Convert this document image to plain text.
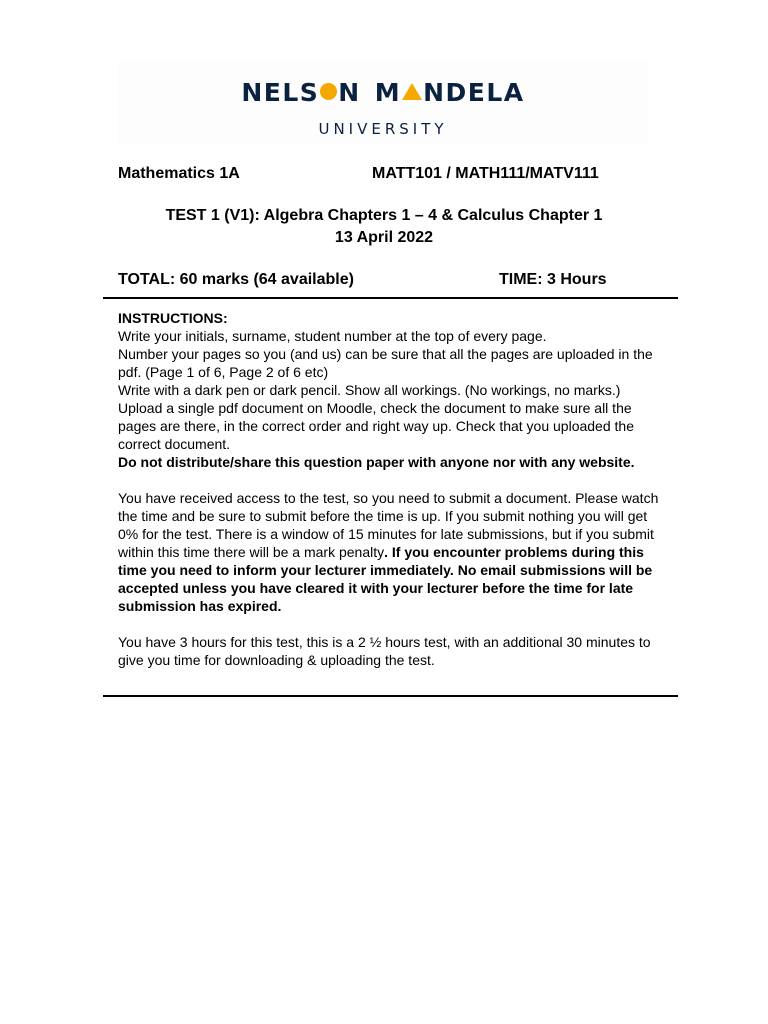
NELS N M NDELA
UNIVERSITY
Mathematics 1A	MATT101 / MATH111/MATV111
TEST 1 (V1): Algebra Chapters 1 – 4 & Calculus Chapter 1
13 April 2022
TOTAL: 60 marks (64 available)	TIME: 3 Hours

INSTRUCTIONS:

Write your initials, surname, student number at the top of every page.

Number your pages so you (and us) can be sure that all the pages are uploaded in the pdf. (Page 1 of 6, Page 2 of 6 etc)

Write with a dark pen or dark pencil. Show all workings. (No workings, no marks.)

Upload a single pdf document on Moodle, check the document to make sure all the pages are there, in the correct order and right way up. Check that you uploaded the correct document.

Do not distribute/share this question paper with anyone nor with any website.

You have received access to the test, so you need to submit a document. Please watch the time and be sure to submit before the time is up. If you submit nothing you will get 0% for the test. There is a window of 15 minutes for late submissions, but if you submit within this time there will be a mark penalty. If you encounter problems during this time you need to inform your lecturer immediately. No email submissions will be accepted unless you have cleared it with your lecturer before the time for late submission has expired.

You have 3 hours for this test, this is a 2 ½ hours test, with an additional 30 minutes to give you time for downloading & uploading the test.
